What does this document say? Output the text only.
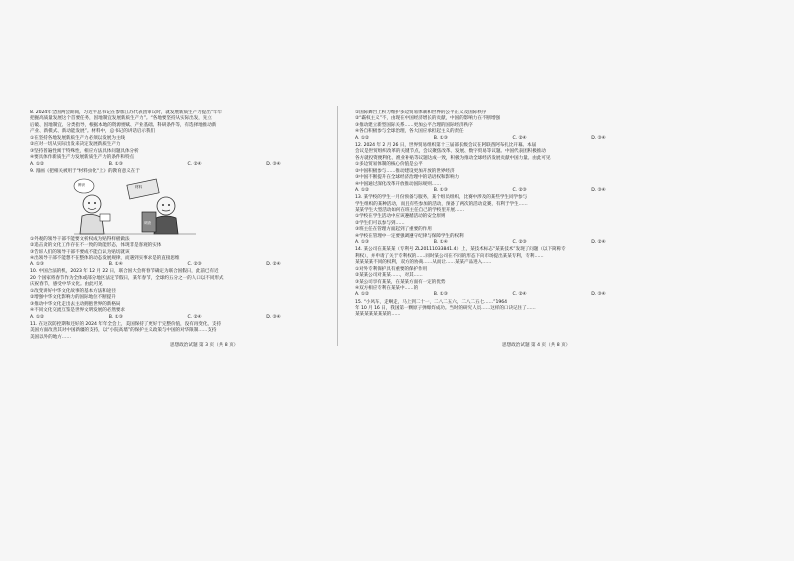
8. 2024年全国两会期间，习近平总书记在参加江苏代表团审议时，就发展新质生产力提出“牢牢

把握高质量发展这个首要任务，因地制宜发展新质生产力”。“各地要坚持从实际出发，先立

后破、因地制宜、分类指导，根据本地的资源禀赋、产业基础、科研条件等，有选择地推动新

产业、新模式、新动能发展”。材料中，总书记的讲话启示我们

①在坚持各地发展新质生产力必须以发展为主线

②应对一切从实际出发来决定发展新质生产力

③坚持普遍性寓于特殊性，相应方法具体问题具体分析

④要具体作新质生产力发展新质生产力的条件和特点

A. ①②	B. ①③	C. ②④	D. ③④

9. 漫画《把相关被用于"材料虫化"上》的教育意义在于

辨识	材料
调查

①外观的领导干部不能要文析权成为贴得样板做法

②追击贪的文化工作存在不一致的效能形态，体现非是客观的实体

③告诉人们的领导干部不要成不能自认为贴切就该

④出领导干部不能想不在整体的动态发展规律，而遇到实事求是的直接思维

A. ①③	B. ①④	C. ②③	D. ②④

10. 中国合法的机，2023 年 12 月 22 日，联合国大会将春节确定为联合国假日，此前已有近

20 个国家将春节作为全体或部分地区法定节假日，某年春节，全球约五分之一的人口以不同形式

庆祝春节，感受中华文化。由此可见

①改变讲好中华文化故事的基本方法和途径

②增强中华文化影响力的国际地位不断提升

③推动中华文化走出去主动拥抱世界的新格局

④不同文化交流互鉴是世界文明发展的必然要求

A. ①②	B. ①③	C. ②④	D. ③④

11. 在这次防控期和还好的 2024 年年全会上，美国保持了更好于完整价值，没有再变化，支持

美国方面改善其对中国新疆的支持，以“小院高墙”的保护主义政策与中国的对华限制……支持

美国以外的地方……

思想政治试题 第 3 页（共 8 页）

①国际舞台上积力维护多边贸易体制和世界的公平正义及国际秩序

②“霸权主义”不，由现在中国经济增长的贡献，中国的影响力在不断增强

③推动建立新型国际关系……更加公平合理的国际经济秩序

④各自积极参与全球治理，各大国应承担起主义的责任

A. ①②	B. ①③	C. ②④	D. ③④

12. 2024 年 2 月 26 日，世界贸易组织第十三届部长级会议在阿联酋阿布扎比开幕。本届

会议是世贸组织改革的关键节点，会议聚焦改革、发展、数字贸易等议题。中国代表团积极推动

各方就投资便利化、渔业补贴等议题达成一致，积极为推动全球经济发展贡献中国力量。由此可见

①多边贸易体制的核心价值是公平

②中国积极参与……推动建设更加开放的世界经济

③中国不断提升在全球经济治理中的话语权和影响力

④中国通过深化改革开放推动国际规则……

A. ①②	B. ①③	C. ②③	D. ③④

13. 某学校的学生一月份预备与服务，某个组员组织，比赛中涉及的某些学生同学参与

学生组织的某种活动，而且有些参加的活动，预备了两次的活动竞赛，有利于学生……

某某学生大型活动如何在班主任自己的学校里开展……

①学校在学生活动中应该遵循活动的安全原则

②学生们可以参与到……

③班主任在管理方面起到了重要的作用

④学校在管理中一定要强调遵守纪律与保障学生的权利

A. ①③	B. ①④	C. ②③	D. ②④

14. 某公司在某某某（专利号 ZL20111033841.4）上，某技术标志“某某技术”发现了问题（以下简称专

利权），并申请了关于专利权的……同时某公司在不同的形态下向市场提出某某专利，专利……

某某某某不同的权利，双方的协商……从而让……某某产品进入……

①对外专利保护具有重要的保护作用

②某某公司对某某……，对其……

③某公司享有某某，在某某方面有一定的优势

④双方相应专利在某某中……的

A. ①②	B. ①③	C. ②④	D. ③④

15. “小风车，走啊走，马上到二十一，二八二五六，二八二五七……”1964

年 10 月 16 日，我国第一颗原子弹爆炸成功。当时的研究人员……这样的口诀记住了……

某某某某某某某的……

思想政治试题 第 4 页（共 8 页）
